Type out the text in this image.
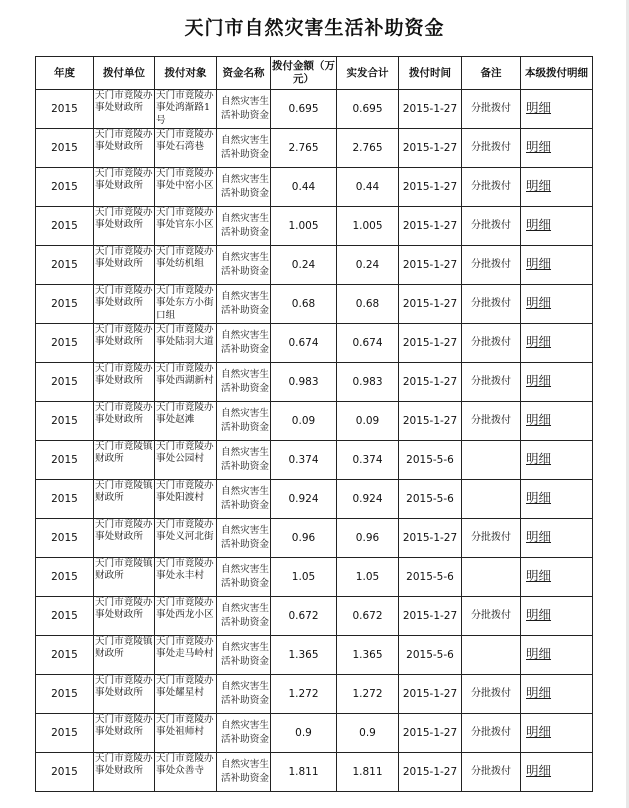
天门市自然灾害生活补助资金
年度	拨付单位	拨付对象	资金名称	拨付金额（万元）	实发合计	拨付时间	备注	本级拨付明细
2015	天门市竟陵办事处财政所	天门市竟陵办事处鸿渐路1号	自然灾害生活补助资金	0.695	0.695	2015-1-27	分批拨付	明细
2015	天门市竟陵办事处财政所	天门市竟陵办事处石湾巷	自然灾害生活补助资金	2.765	2.765	2015-1-27	分批拨付	明细
2015	天门市竟陵办事处财政所	天门市竟陵办事处中窑小区	自然灾害生活补助资金	0.44	0.44	2015-1-27	分批拨付	明细
2015	天门市竟陵办事处财政所	天门市竟陵办事处官东小区	自然灾害生活补助资金	1.005	1.005	2015-1-27	分批拨付	明细
2015	天门市竟陵办事处财政所	天门市竟陵办事处纺机组	自然灾害生活补助资金	0.24	0.24	2015-1-27	分批拨付	明细
2015	天门市竟陵办事处财政所	天门市竟陵办事处东方小街口组	自然灾害生活补助资金	0.68	0.68	2015-1-27	分批拨付	明细
2015	天门市竟陵办事处财政所	天门市竟陵办事处陆羽大道	自然灾害生活补助资金	0.674	0.674	2015-1-27	分批拨付	明细
2015	天门市竟陵办事处财政所	天门市竟陵办事处西湖新村	自然灾害生活补助资金	0.983	0.983	2015-1-27	分批拨付	明细
2015	天门市竟陵办事处财政所	天门市竟陵办事处赵滩	自然灾害生活补助资金	0.09	0.09	2015-1-27	分批拨付	明细
2015	天门市竟陵镇财政所	天门市竟陵办事处公园村	自然灾害生活补助资金	0.374	0.374	2015-5-6		明细
2015	天门市竟陵镇财政所	天门市竟陵办事处阳渡村	自然灾害生活补助资金	0.924	0.924	2015-5-6		明细
2015	天门市竟陵办事处财政所	天门市竟陵办事处义河北街	自然灾害生活补助资金	0.96	0.96	2015-1-27	分批拨付	明细
2015	天门市竟陵镇财政所	天门市竟陵办事处永丰村	自然灾害生活补助资金	1.05	1.05	2015-5-6		明细
2015	天门市竟陵办事处财政所	天门市竟陵办事处西龙小区	自然灾害生活补助资金	0.672	0.672	2015-1-27	分批拨付	明细
2015	天门市竟陵镇财政所	天门市竟陵办事处走马岭村	自然灾害生活补助资金	1.365	1.365	2015-5-6		明细
2015	天门市竟陵办事处财政所	天门市竟陵办事处耀星村	自然灾害生活补助资金	1.272	1.272	2015-1-27	分批拨付	明细
2015	天门市竟陵办事处财政所	天门市竟陵办事处祖师村	自然灾害生活补助资金	0.9	0.9	2015-1-27	分批拨付	明细
2015	天门市竟陵办事处财政所	天门市竟陵办事处众善寺	自然灾害生活补助资金	1.811	1.811	2015-1-27	分批拨付	明细
